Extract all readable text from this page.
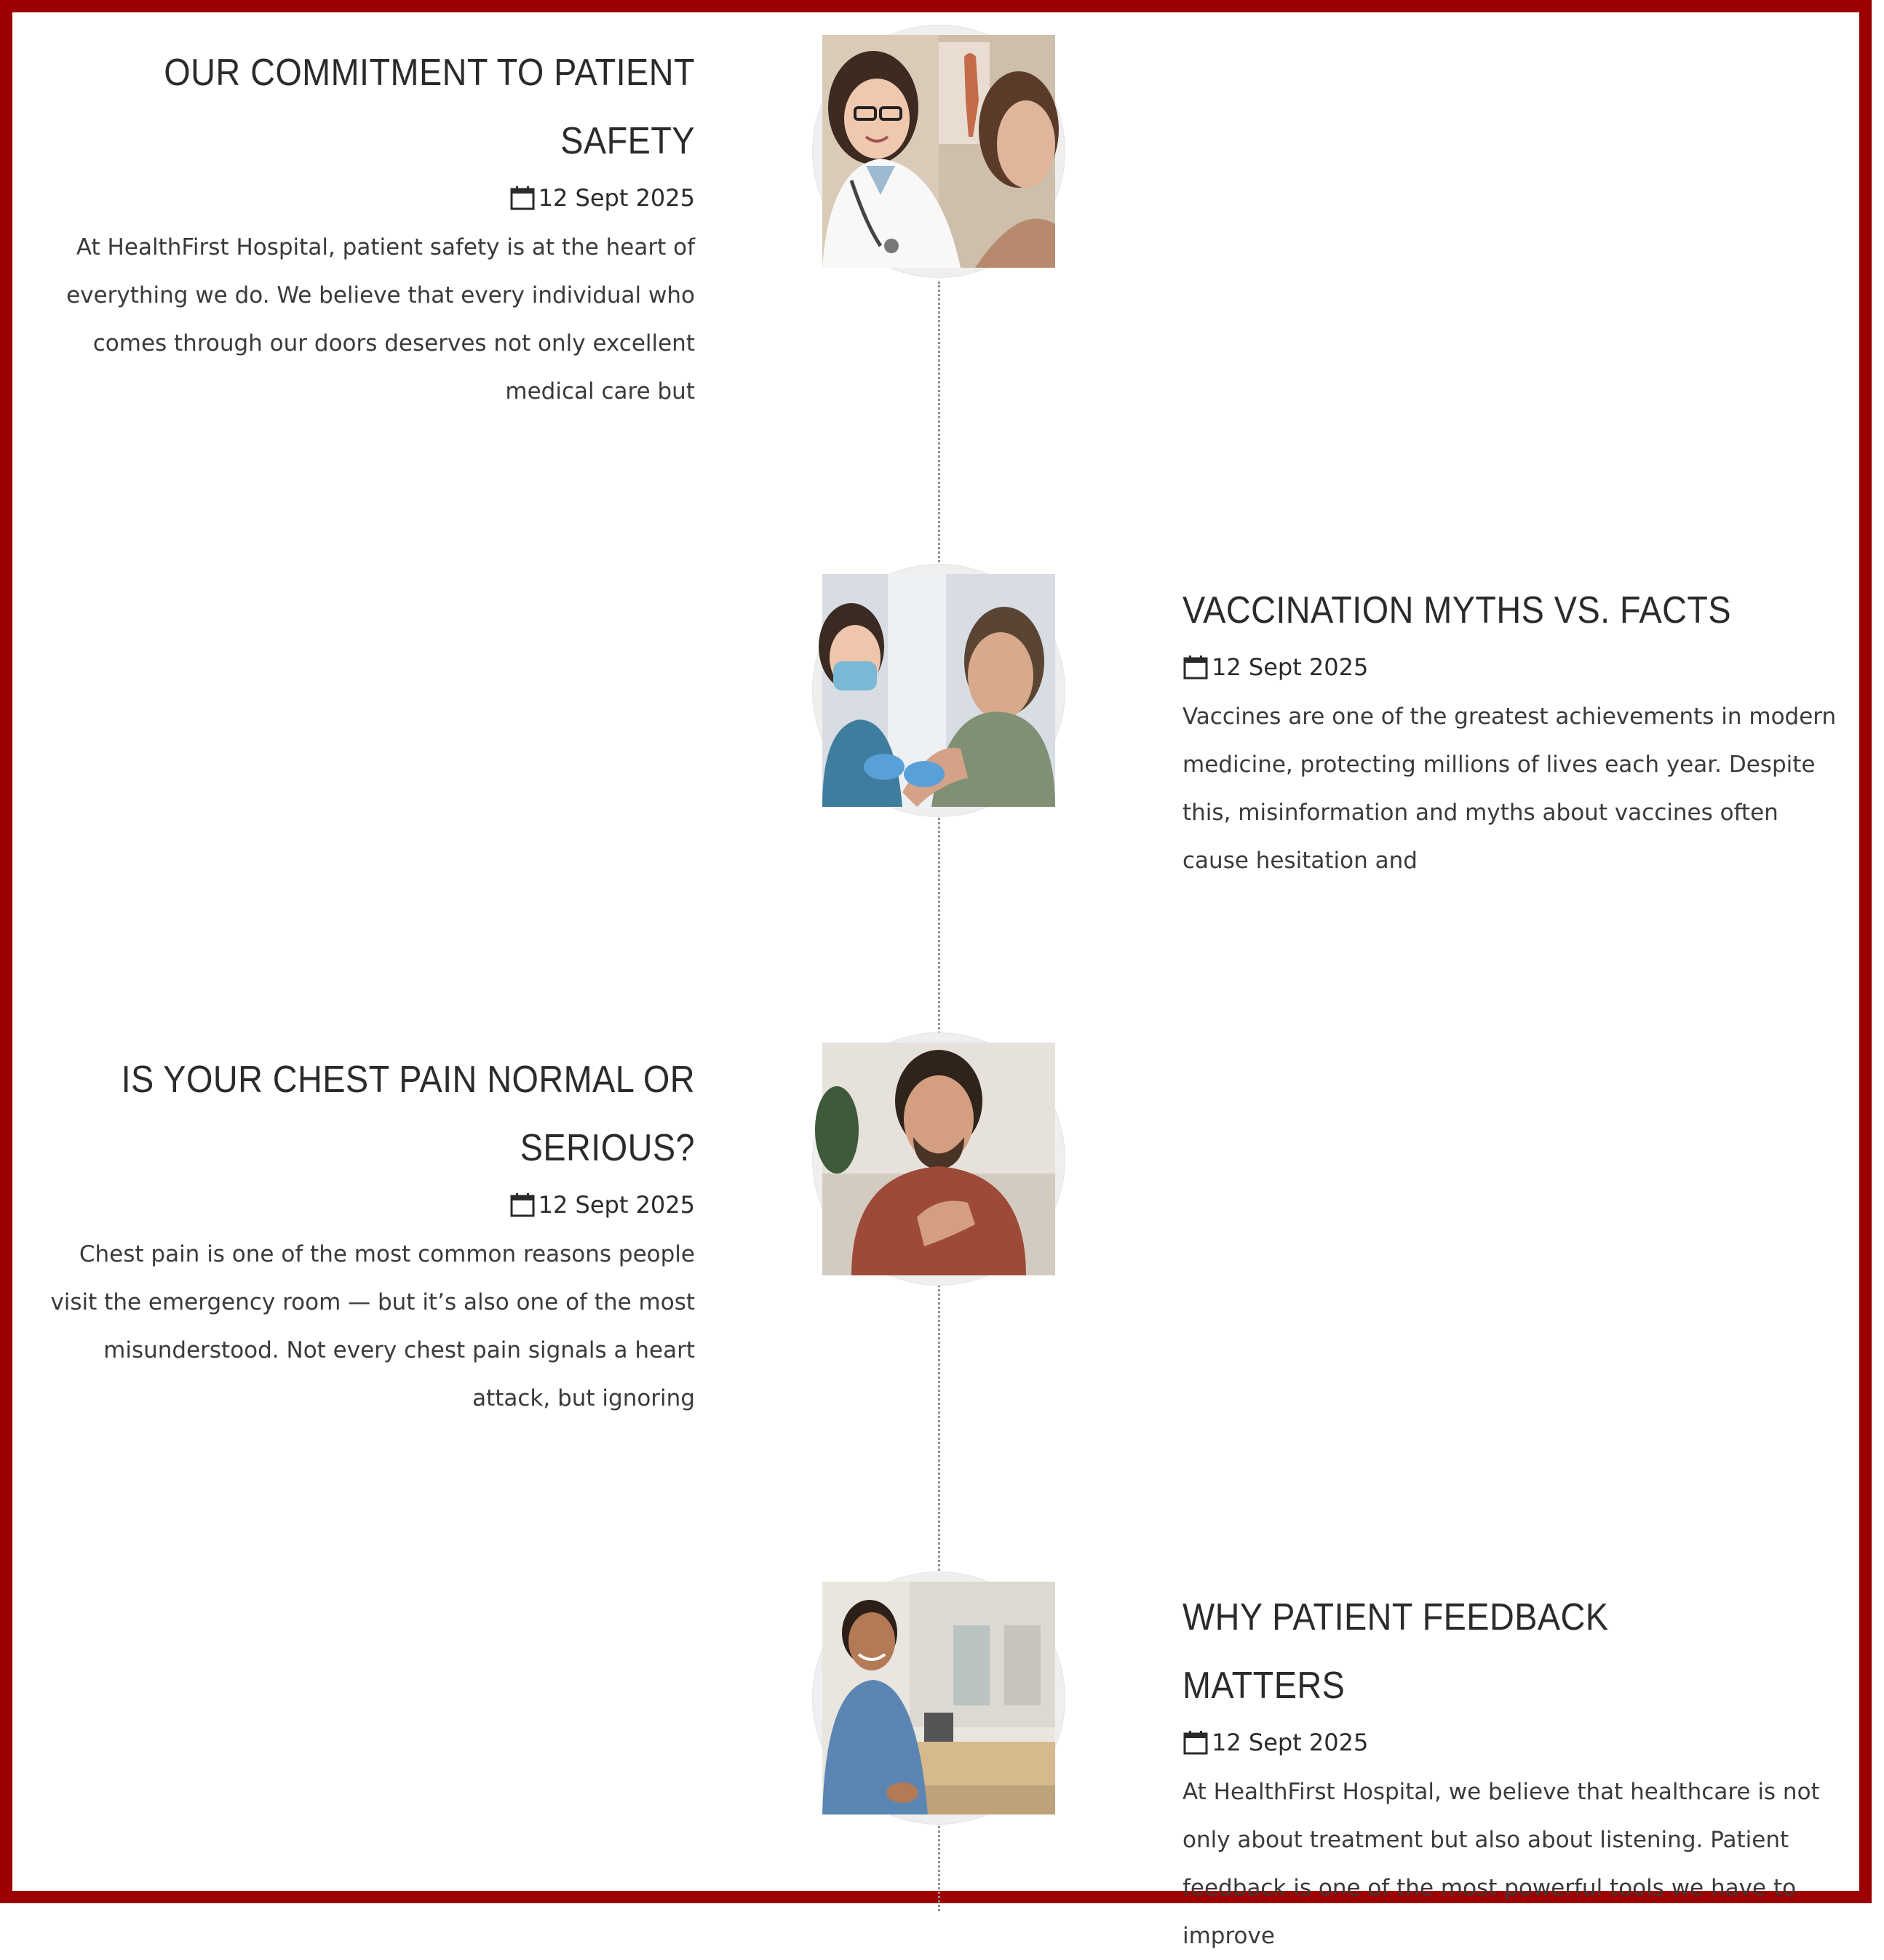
OUR COMMITMENT TO PATIENT SAFETY
12 Sept 2025
At HealthFirst Hospital, patient safety is at the heart of everything we do. We believe that every individual who comes through our doors deserves not only excellent medical care but
VACCINATION MYTHS VS. FACTS
12 Sept 2025
Vaccines are one of the greatest achievements in modern medicine, protecting millions of lives each year. Despite this, misinformation and myths about vaccines often cause hesitation and
IS YOUR CHEST PAIN NORMAL OR SERIOUS?
12 Sept 2025
Chest pain is one of the most common reasons people visit the emergency room — but it’s also one of the most misunderstood. Not every chest pain signals a heart attack, but ignoring
WHY PATIENT FEEDBACK MATTERS
12 Sept 2025
At HealthFirst Hospital, we believe that healthcare is not only about treatment but also about listening. Patient feedback is one of the most powerful tools we have to improve
